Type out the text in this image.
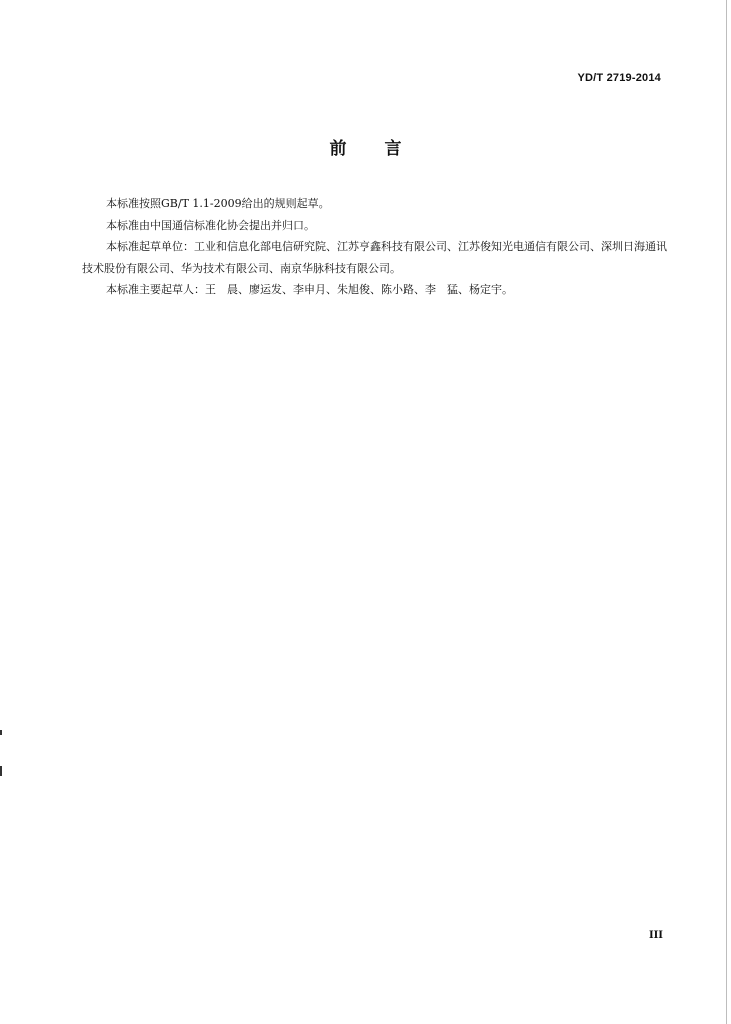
YD/T 2719-2014
前言

本标准按照GB/T 1.1-2009给出的规则起草。

本标准由中国通信标准化协会提出并归口。

本标准起草单位：工业和信息化部电信研究院、江苏亨鑫科技有限公司、江苏俊知光电通信有限公司、深圳日海通讯技术股份有限公司、华为技术有限公司、南京华脉科技有限公司。

本标准主要起草人：王　晨、廖运发、李申月、朱旭俊、陈小路、李　猛、杨定宇。

III
